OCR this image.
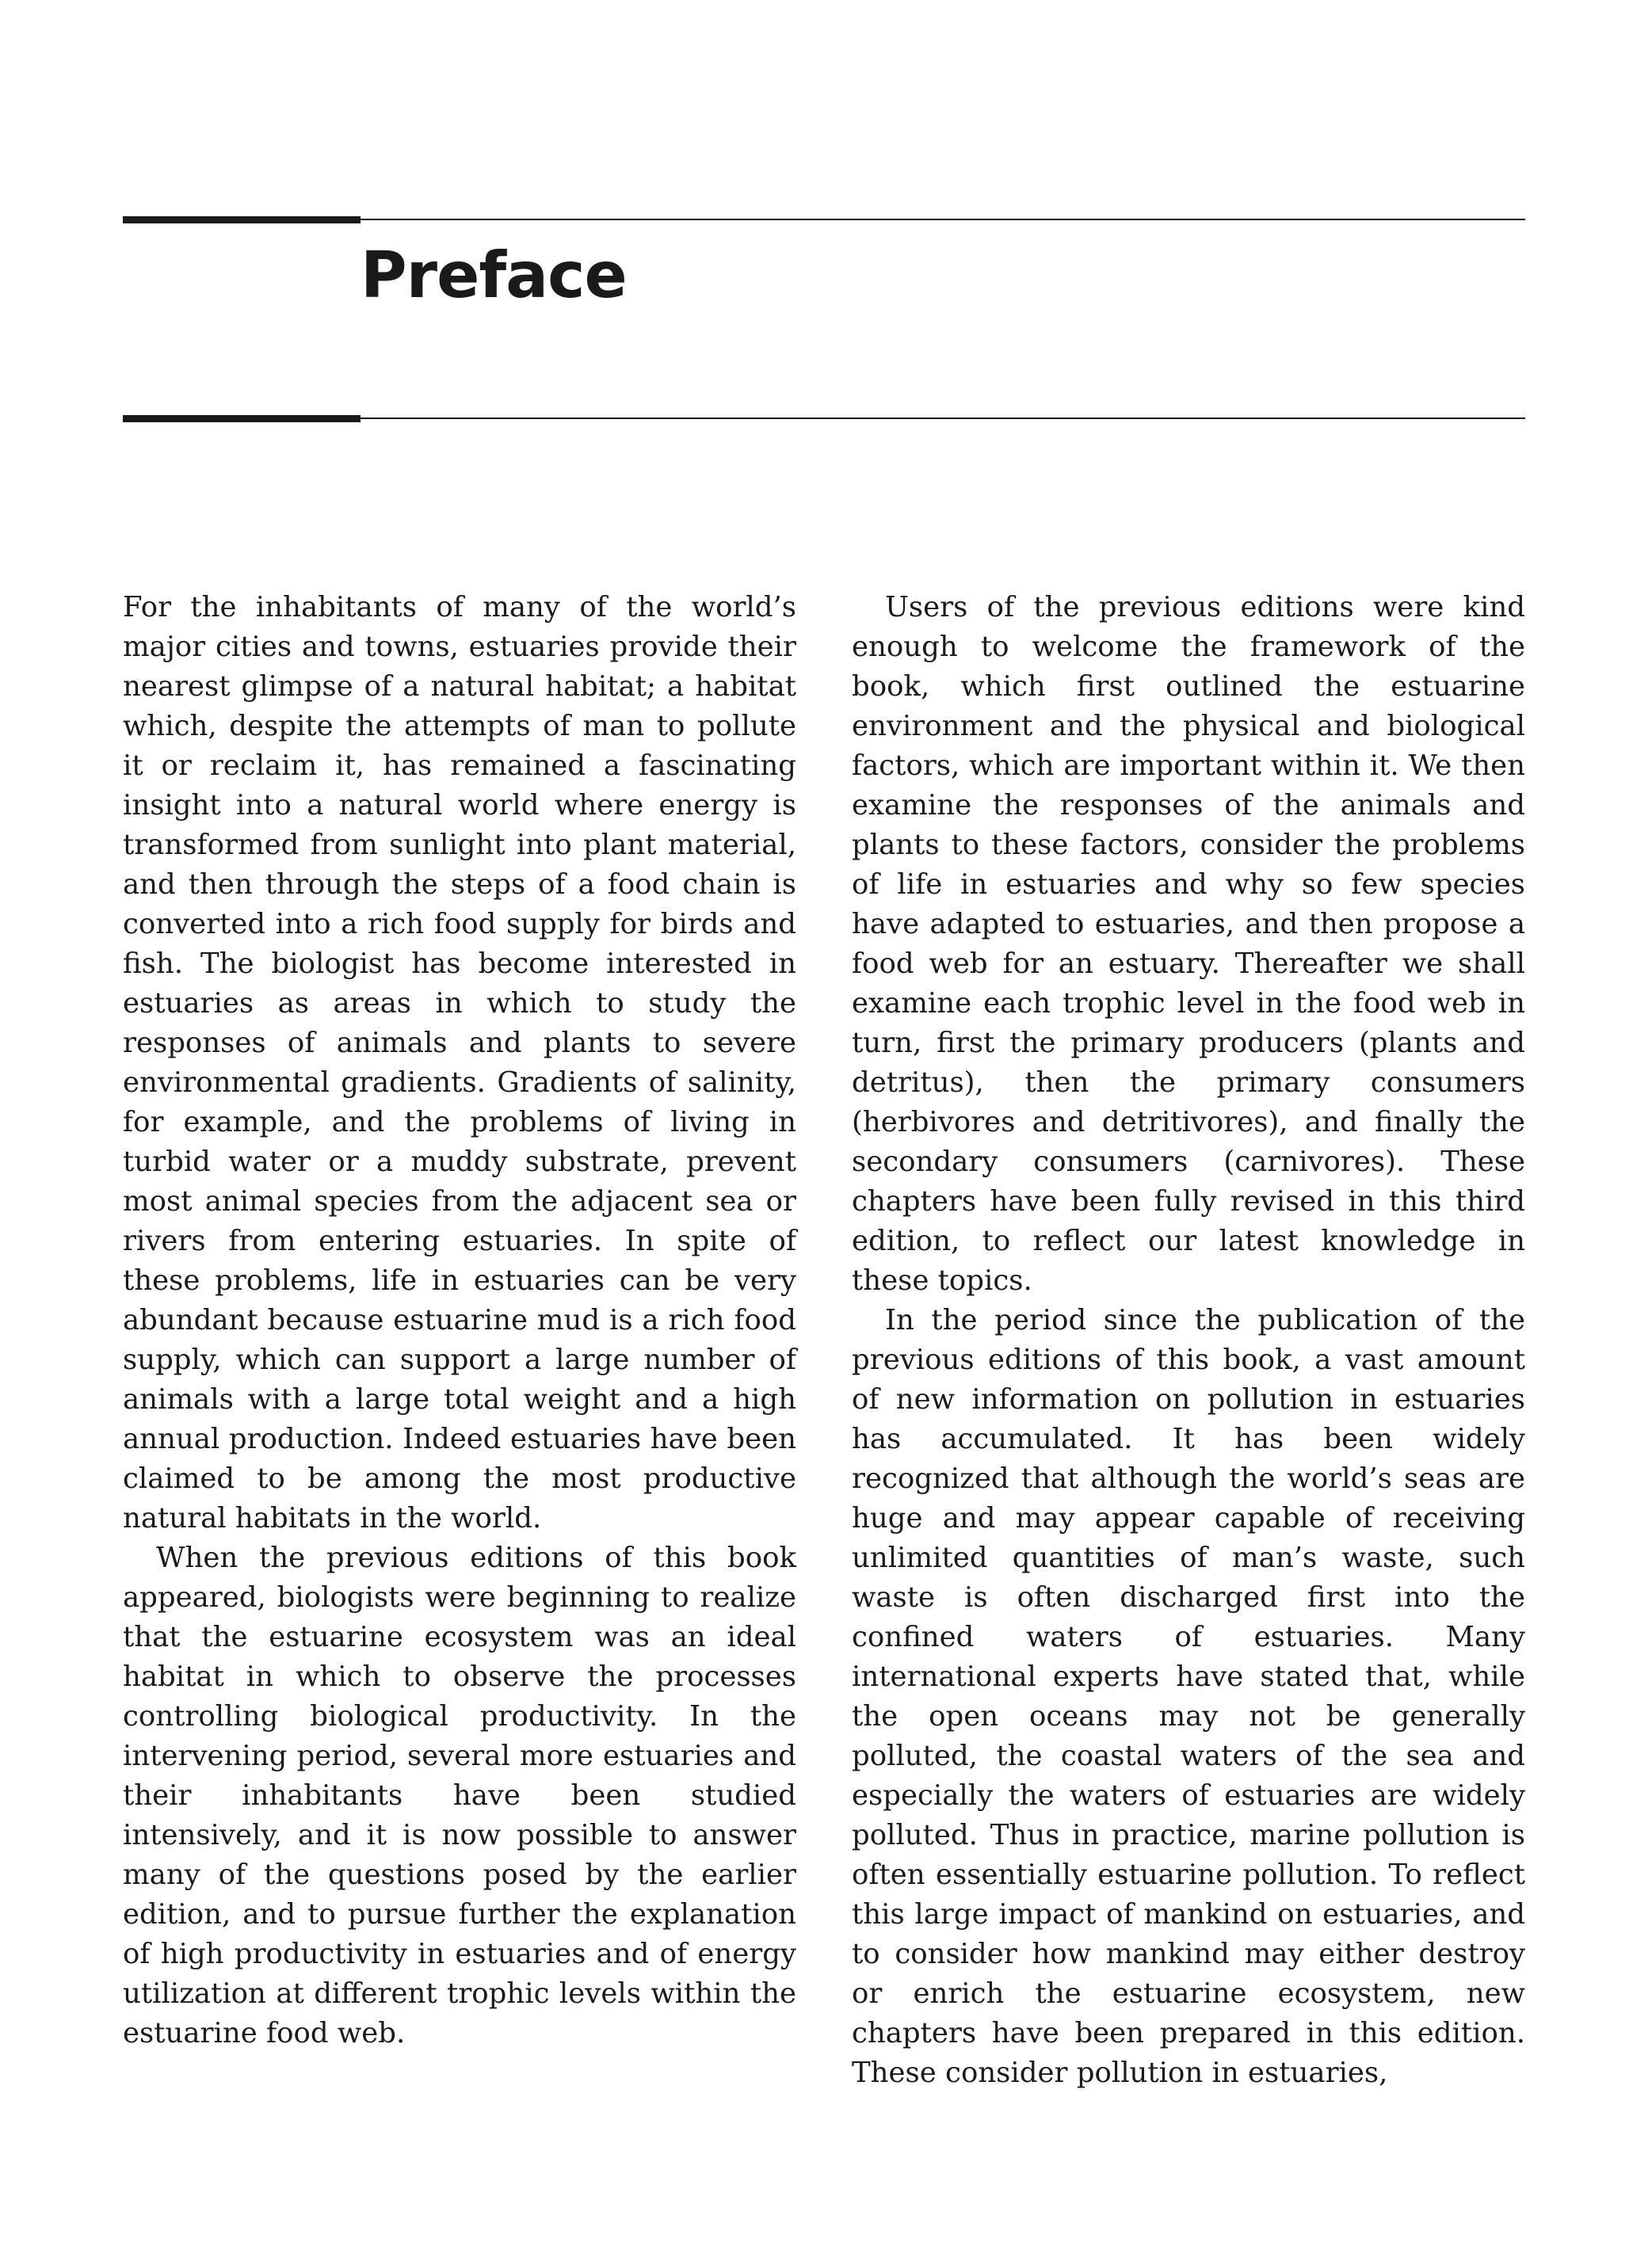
Preface

For the inhabitants of many of the world’s major cities and towns, estuaries provide their nearest glimpse of a natural habitat; a habitat which, despite the attempts of man to pollute it or reclaim it, has remained a fascinating insight into a natural world where energy is transformed from sunlight into plant material, and then through the steps of a food chain is converted into a rich food supply for birds and fish. The biologist has become interested in estuaries as areas in which to study the responses of animals and plants to severe environmental gradients. Gradients of salinity, for example, and the problems of living in turbid water or a muddy substrate, prevent most animal species from the adjacent sea or rivers from entering estuaries. In spite of these problems, life in estuaries can be very abundant because estuarine mud is a rich food supply, which can support a large number of animals with a large total weight and a high annual production. Indeed estuaries have been claimed to be among the most productive natural habitats in the world.

When the previous editions of this book appeared, biologists were beginning to realize that the estuarine ecosystem was an ideal habitat in which to observe the processes controlling biological productivity. In the intervening period, several more estuaries and their inhabitants have been studied intensively, and it is now possible to answer many of the questions posed by the earlier edition, and to pursue further the explanation of high productivity in estuaries and of energy utilization at different trophic levels within the estuarine food web.

Users of the previous editions were kind enough to welcome the framework of the book, which first outlined the estuarine environment and the physical and biological factors, which are important within it. We then examine the responses of the animals and plants to these factors, consider the problems of life in estuaries and why so few species have adapted to estuaries, and then propose a food web for an estuary. Thereafter we shall examine each trophic level in the food web in turn, first the primary producers (plants and detritus), then the primary consumers (herbivores and detritivores), and finally the secondary consumers (carnivores). These chapters have been fully revised in this third edition, to reflect our latest knowledge in these topics.

In the period since the publication of the previous editions of this book, a vast amount of new information on pollution in estuaries has accumulated. It has been widely recognized that although the world’s seas are huge and may appear capable of receiving unlimited quantities of man’s waste, such waste is often discharged first into the confined waters of estuaries. Many international experts have stated that, while the open oceans may not be generally polluted, the coastal waters of the sea and especially the waters of estuaries are widely polluted. Thus in practice, marine pollution is often essentially estuarine pollution. To reflect this large impact of mankind on estuaries, and to consider how mankind may either destroy or enrich the estuarine ecosystem, new chapters have been prepared in this edition. These consider pollution in estuaries,
